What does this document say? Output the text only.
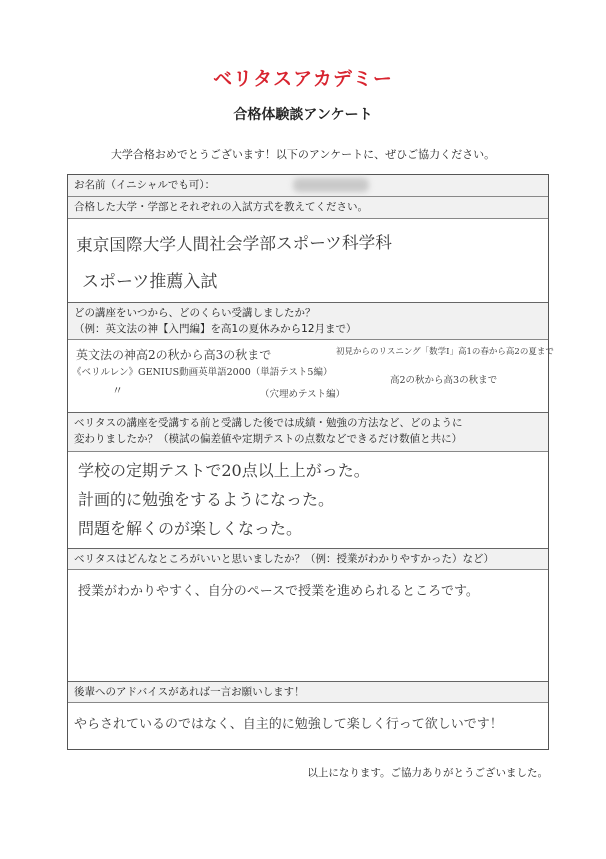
ベリタスアカデミー
合格体験談アンケート
大学合格おめでとうございます！以下のアンケートに、ぜひご協力ください。
お名前（イニシャルでも可）：
合格した大学・学部とそれぞれの入試方式を教えてください。
東京国際大学人間社会学部スポーツ科学科
スポーツ推薦入試
どの講座をいつから、どのくらい受講しましたか？
（例：英文法の神【入門編】を高1の夏休みから12月まで）
英文法の神高2の秋から高3の秋まで
《ベリルレン》GENIUS動画英単語2000（単語テスト5編）
〃	（穴埋めテスト編）
初見からのリスニング「数学Ⅰ」高1の春から高2の夏まで
高2の秋から高3の秋まで
ベリタスの講座を受講する前と受講した後では成績・勉強の方法など、どのように
変わりましたか？（模試の偏差値や定期テストの点数などできるだけ数値と共に）
学校の定期テストで20点以上上がった。
計画的に勉強をするようになった。
問題を解くのが楽しくなった。
ベリタスはどんなところがいいと思いましたか？（例：授業がわかりやすかった）など）
授業がわかりやすく、自分のペースで授業を進められるところです。
後輩へのアドバイスがあれば一言お願いします！
やらされているのではなく、自主的に勉強して楽しく行って欲しいです！
以上になります。ご協力ありがとうございました。
